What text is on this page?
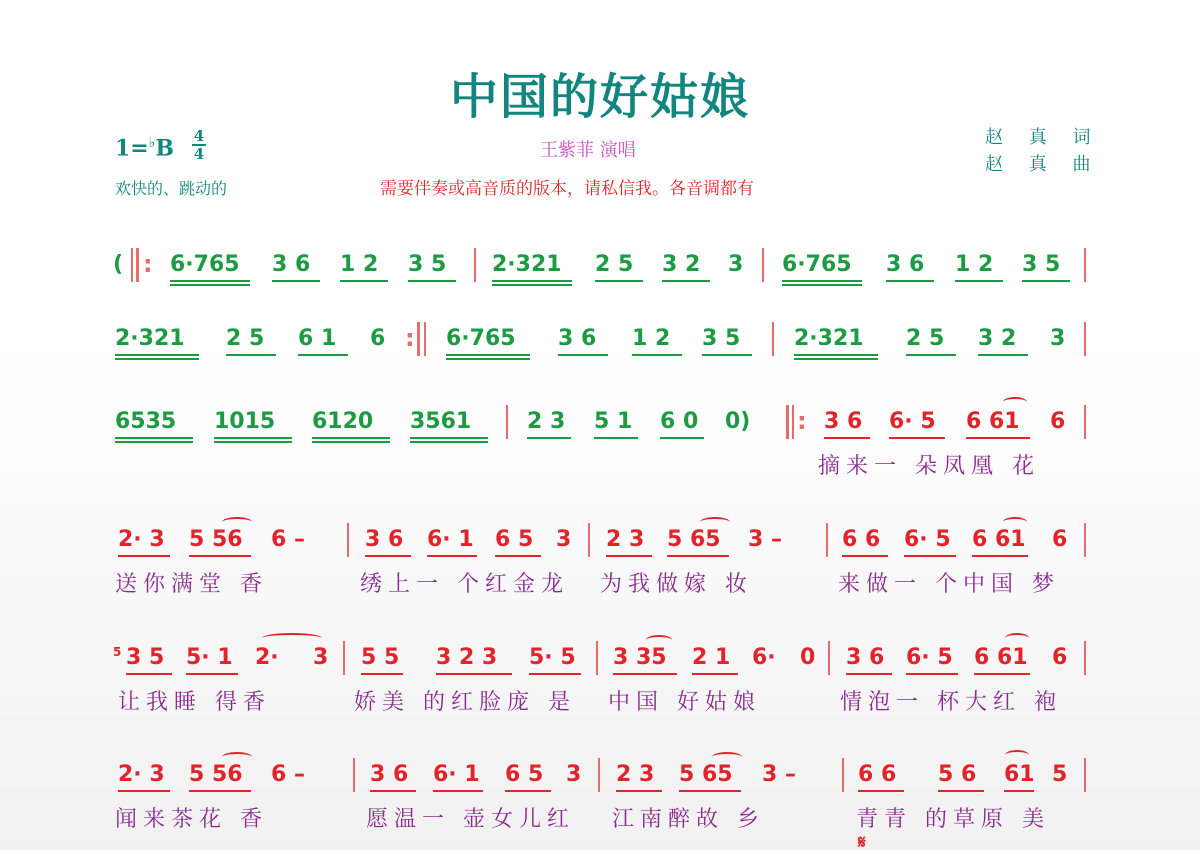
中国的好姑娘
1=♭B 4
4
欢快的、跳动的
王紫菲 演唱
需要伴奏或高音质的版本，请私信我。各音调都有
赵 真 词
赵 真 曲
( : 6·765 3 6 1 2 3 5 2·321 2 5 3 2 3 6·765 3 6 1 2 3 5
2·321 2 5 6 1 6 : 6·765 3 6 1 2 3 5 2·321 2 5 3 2 3
6535 1015 6120 3561	2 3 5 1 6 0 0) : 3 6 6· 5 6 61 6
摘来一 朵凤凰 花
2· 3 5 56 6 –	3 6 6· 1 6 5 3 2 3 5 65 3 –	6 6 6· 5 6 61 6
送你满堂 香	绣上一 个红金龙 为我做嫁 妆	来做一 个中国 梦
5 3 5 5· 1 2· 3 5 5 3 2 3 5· 5 3 35 2 1 6· 0 3 6 6· 5 6 61 6
让我睡 得香	娇美 的红脸庞 是 中国 好姑娘	情泡一 杯大红 袍
2· 3 5 56 6 –	3 6 6· 1 6 5 3 2 3 5 65 3 –	6 6 5 6 61 5
闻来茶花 香	愿温一 壶女儿红 江南醉故 乡	青青 的草原 美
𝄋
